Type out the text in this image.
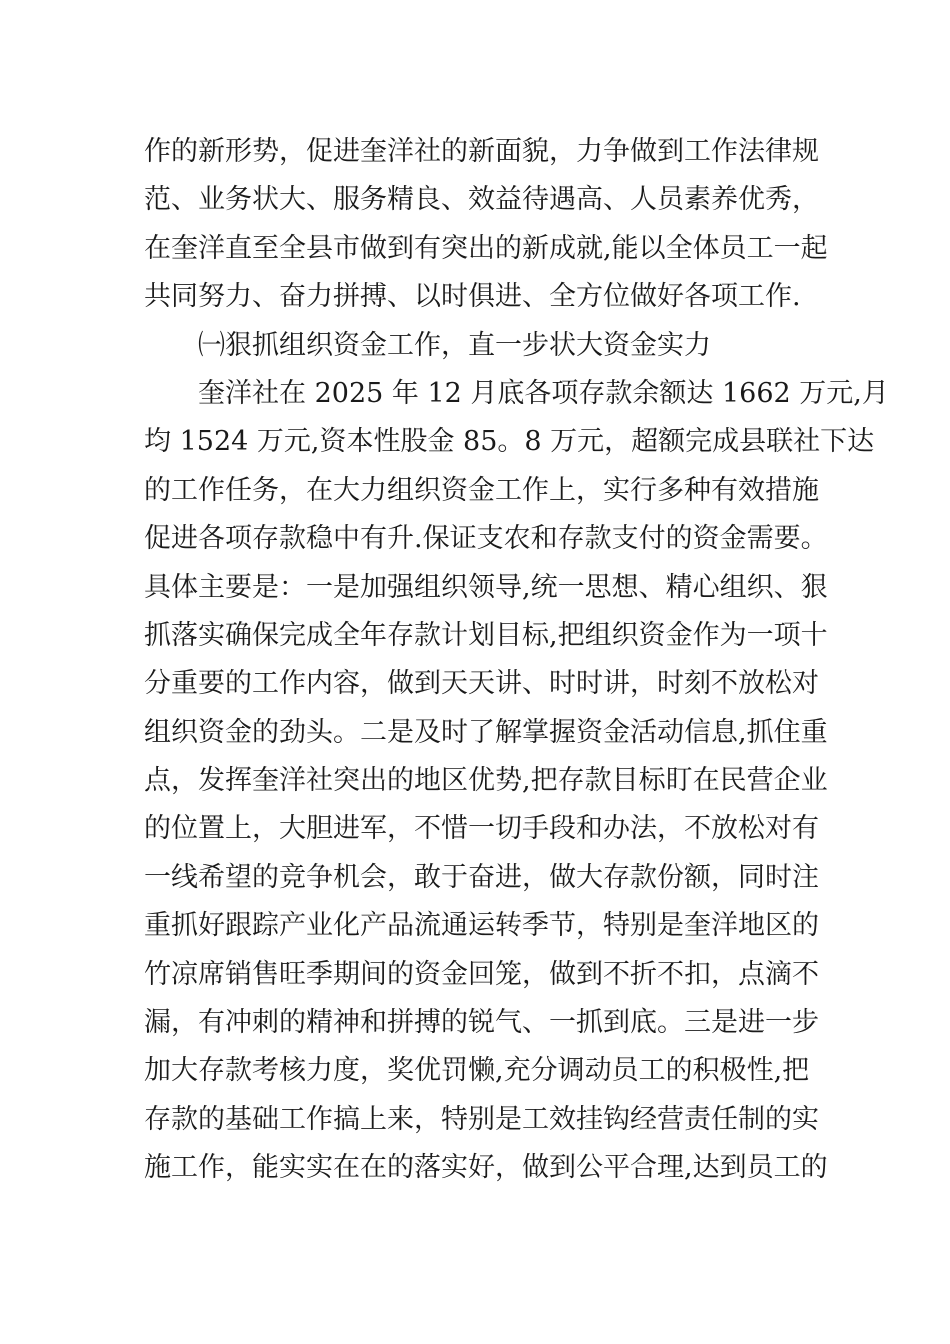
作的新形势，促进奎洋社的新面貌，力争做到工作法律规
范、业务状大、服务精良、效益待遇高、人员素养优秀，
在奎洋直至全县市做到有突出的新成就,能以全体员工一起
共同努力、奋力拼搏、以时俱进、全方位做好各项工作.
㈠狠抓组织资金工作，直一步状大资金实力
奎洋社在 2025 年 12 月底各项存款余额达 1662 万元,月
均 1524 万元,资本性股金 85。8 万元，超额完成县联社下达
的工作任务，在大力组织资金工作上，实行多种有效措施
促进各项存款稳中有升.保证支农和存款支付的资金需要。
具体主要是：一是加强组织领导,统一思想、精心组织、狠
抓落实确保完成全年存款计划目标,把组织资金作为一项十
分重要的工作内容，做到天天讲、时时讲，时刻不放松对
组织资金的劲头。二是及时了解掌握资金活动信息,抓住重
点，发挥奎洋社突出的地区优势,把存款目标盯在民营企业
的位置上，大胆进军，不惜一切手段和办法，不放松对有
一线希望的竞争机会，敢于奋进，做大存款份额，同时注
重抓好跟踪产业化产品流通运转季节，特别是奎洋地区的
竹凉席销售旺季期间的资金回笼，做到不折不扣，点滴不
漏，有冲刺的精神和拼搏的锐气、一抓到底。三是进一步
加大存款考核力度，奖优罚懒,充分调动员工的积极性,把
存款的基础工作搞上来，特别是工效挂钩经营责任制的实
施工作，能实实在在的落实好，做到公平合理,达到员工的
